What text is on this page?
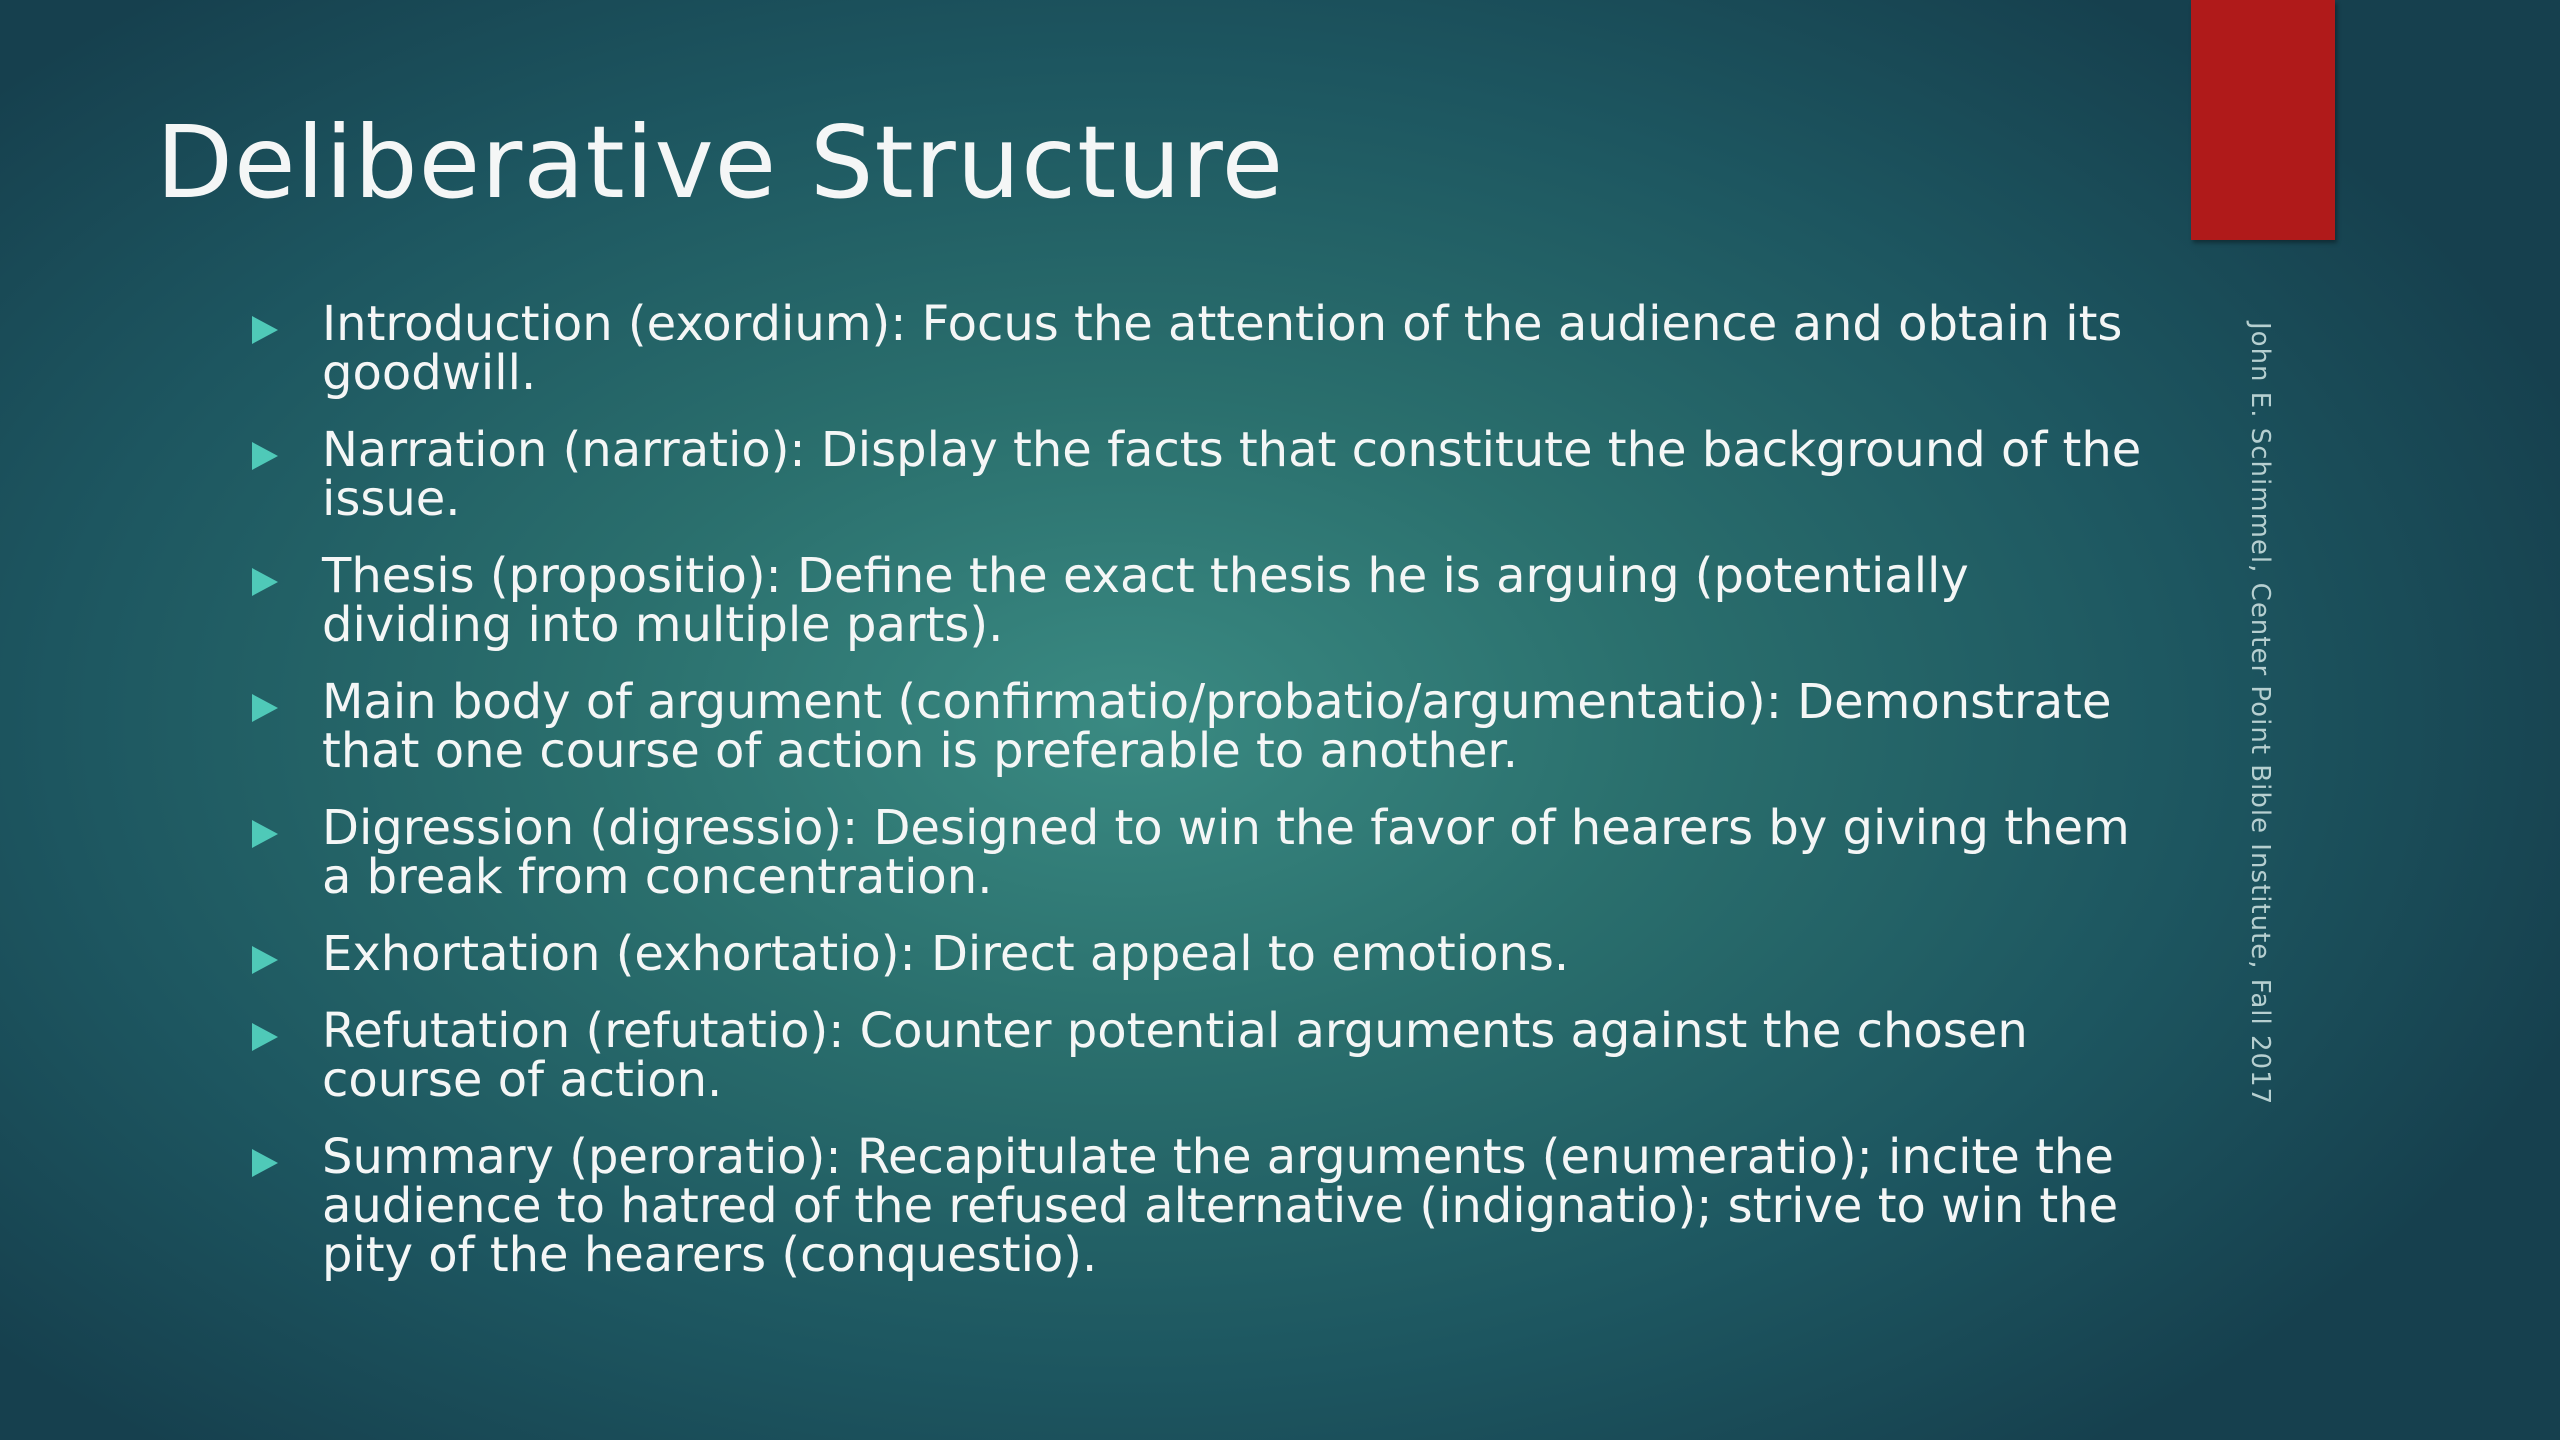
Deliberative Structure
Introduction (exordium): Focus the attention of the audience and obtain its goodwill.
Narration (narratio): Display the facts that constitute the background of the issue.
Thesis (propositio): Define the exact thesis he is arguing (potentially dividing into multiple parts).
Main body of argument (confirmatio/probatio/argumentatio): Demonstrate that one course of action is preferable to another.
Digression (digressio): Designed to win the favor of hearers by giving them a break from concentration.
Exhortation (exhortatio): Direct appeal to emotions.
Refutation (refutatio): Counter potential arguments against the chosen course of action.
Summary (peroratio): Recapitulate the arguments (enumeratio); incite the audience to hatred of the refused alternative (indignatio); strive to win the pity of the hearers (conquestio).
John E. Schimmel, Center Point Bible Institute, Fall 2017
